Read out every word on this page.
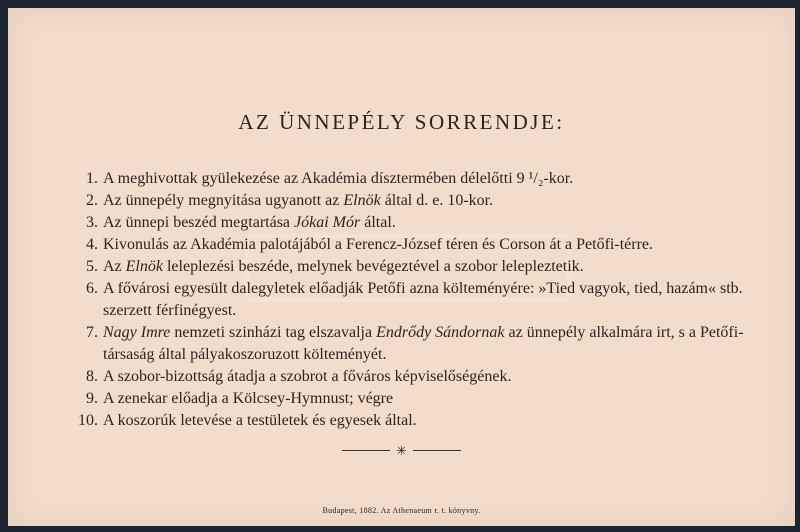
AZ ÜNNEPÉLY SORRENDJE:
1. A meghivottak gyülekezése az Akadémia dísztermében délelőtti 9 ¹/₂-kor.
2. Az ünnepély megnyitása ugyanott az Elnök által d. e. 10-kor.
3. Az ünnepi beszéd megtartása Jókai Mór által.
4. Kivonulás az Akadémia palotájából a Ferencz-József téren és Corson át a Petőfi-térre.
5. Az Elnök leleplezési beszéde, melynek bevégeztével a szobor lelepleztetik.
6. A fővárosi egyesült dalegyletek előadják Petőfi azna költeményére: »Tied vagyok, tied, hazám« stb. szerzett férfinégyest.
7. Nagy Imre nemzeti szinházi tag elszavalja Endrődy Sándornak az ünnepély alkalmára irt, s a Petőfi-társaság által pályakoszoruzott költeményét.
8. A szobor-bizottság átadja a szobrot a főváros képviselőségének.
9. A zenekar előadja a Kölcsey-Hymnust; végre
10. A koszorúk letevése a testületek és egyesek által.
✳
Budapest, 1882. Az Athenaeum r. t. könyvny.
